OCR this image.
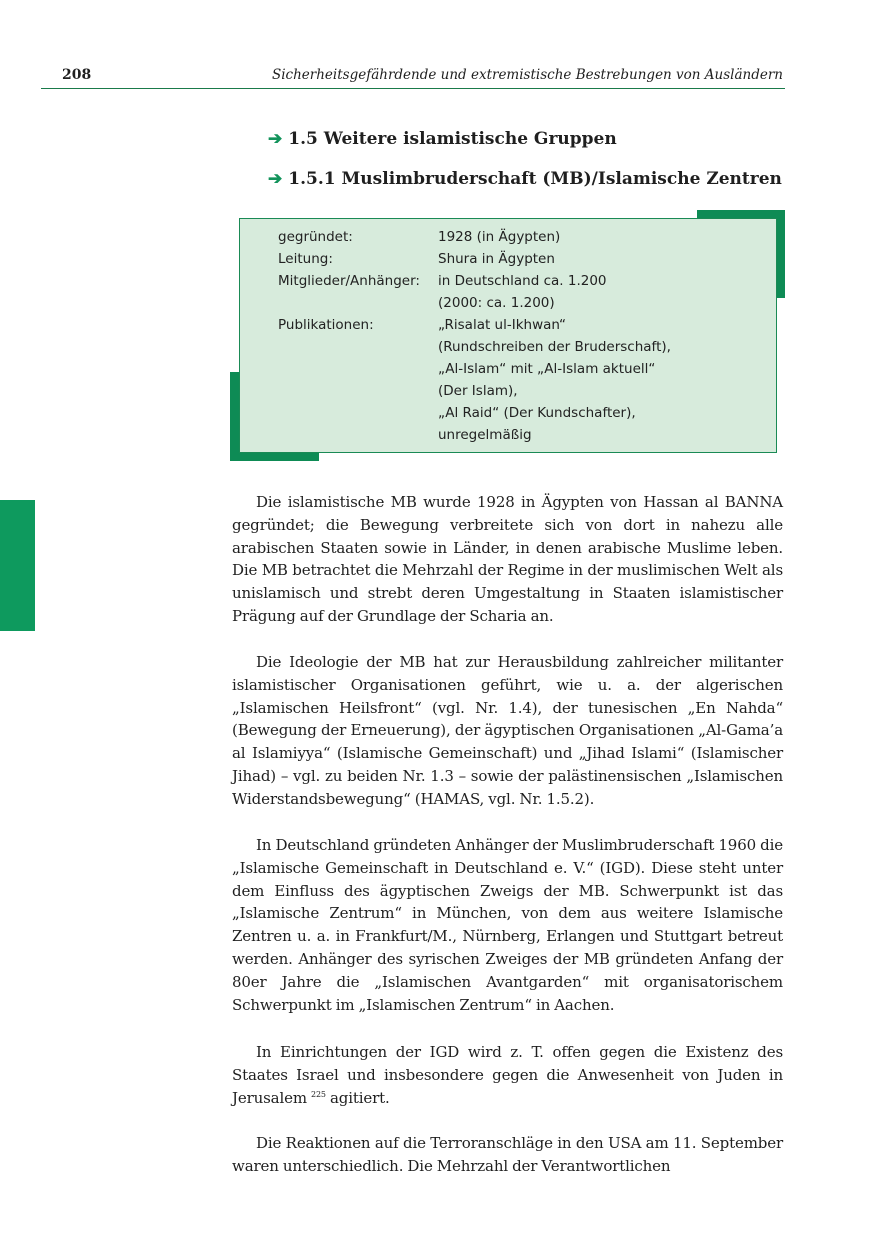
208	Sicherheitsgefährdende und extremistische Bestrebungen von Ausländern
➔ 1.5 Weitere islamistische Gruppen
➔ 1.5.1 Muslimbruderschaft (MB)/Islamische Zentren
gegründet:	1928 (in Ägypten)
Leitung:	Shura in Ägypten
Mitglieder/Anhänger: in Deutschland ca. 1.200
(2000: ca. 1.200)
Publikationen:	„Risalat ul-Ikhwan“
(Rundschreiben der Bruderschaft),
„Al-Islam“ mit „Al-Islam aktuell“
(Der Islam),
„Al Raid“ (Der Kundschafter),
unregelmäßig

Die islamistische MB wurde 1928 in Ägypten von Hassan al BANNA gegründet; die Bewegung verbreitete sich von dort in nahezu alle arabischen Staaten sowie in Länder, in denen arabische Muslime leben. Die MB betrachtet die Mehrzahl der Regime in der muslimischen Welt als unislamisch und strebt deren Umgestaltung in Staaten islamistischer Prägung auf der Grundlage der Scharia an.

Die Ideologie der MB hat zur Herausbildung zahlreicher militanter islamistischer Organisationen geführt, wie u. a. der algerischen „Islamischen Heilsfront“ (vgl. Nr. 1.4), der tunesischen „En Nahda“ (Bewegung der Erneuerung), der ägyptischen Organisationen „Al-Gama’a al Islamiyya“ (Islamische Gemeinschaft) und „Jihad Islami“ (Islamischer Jihad) – vgl. zu beiden Nr. 1.3 – sowie der palästinensischen „Islamischen Widerstandsbewegung“ (HAMAS, vgl. Nr. 1.5.2).

In Deutschland gründeten Anhänger der Muslimbruderschaft 1960 die „Islamische Gemeinschaft in Deutschland e. V.“ (IGD). Diese steht unter dem Einfluss des ägyptischen Zweigs der MB. Schwerpunkt ist das „Islamische Zentrum“ in München, von dem aus weitere Islamische Zentren u. a. in Frankfurt/M., Nürnberg, Erlangen und Stuttgart betreut werden. Anhänger des syrischen Zweiges der MB gründeten Anfang der 80er Jahre die „Islamischen Avantgarden“ mit organisatorischem Schwerpunkt im „Islamischen Zentrum“ in Aachen.

In Einrichtungen der IGD wird z. T. offen gegen die Existenz des Staates Israel und insbesondere gegen die Anwesenheit von Juden in Jerusalem $^{225}$ agitiert.

Die Reaktionen auf die Terroranschläge in den USA am 11. September waren unterschiedlich. Die Mehrzahl der Verantwortlichen
